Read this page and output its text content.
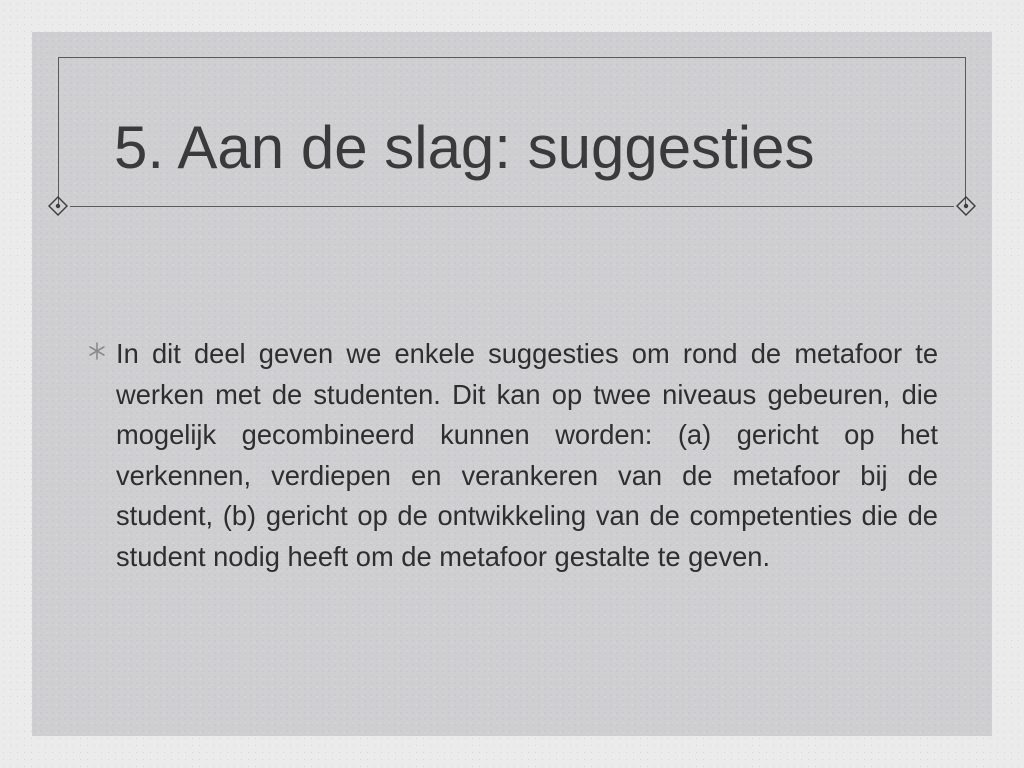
5. Aan de slag: suggesties

In dit deel geven we enkele suggesties om rond de metafoor te werken met de studenten. Dit kan op twee niveaus gebeuren, die mogelijk gecombineerd kunnen worden: (a) gericht op het verkennen, verdiepen en verankeren van de metafoor bij de student, (b) gericht op de ontwikkeling van de competenties die de student nodig heeft om de metafoor gestalte te geven.
